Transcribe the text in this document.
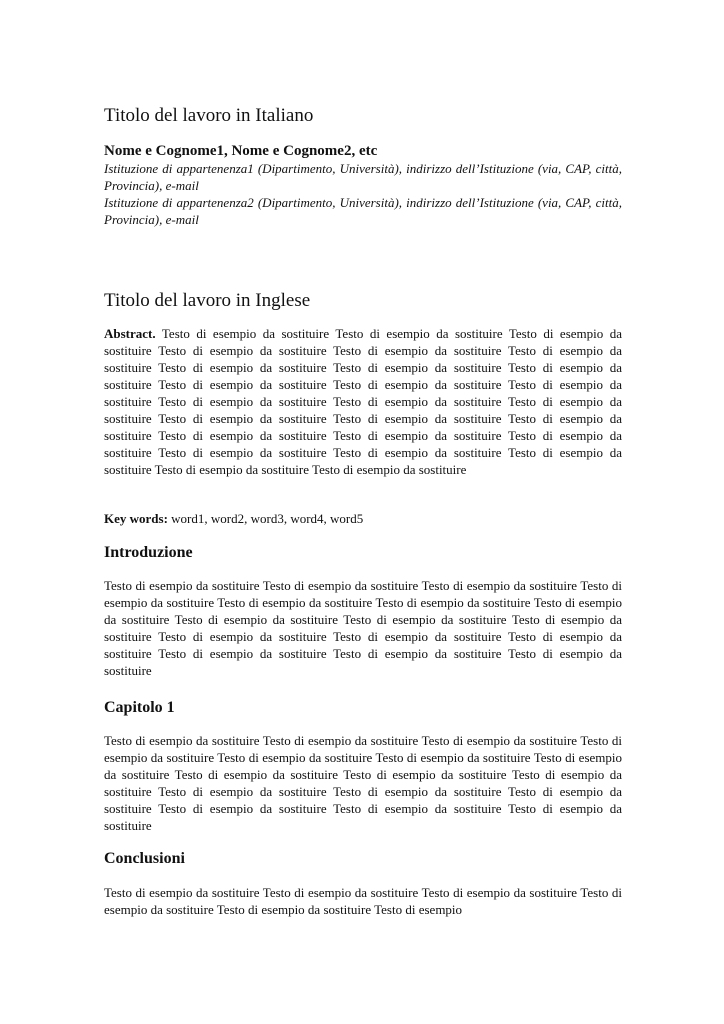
Titolo del lavoro in Italiano
Nome e Cognome1, Nome e Cognome2, etc
Istituzione di appartenenza1 (Dipartimento, Università), indirizzo dell’Istituzione (via, CAP, città, Provincia), e-mail
Istituzione di appartenenza2 (Dipartimento, Università), indirizzo dell’Istituzione (via, CAP, città, Provincia), e-mail
Titolo del lavoro in Inglese

Abstract. Testo di esempio da sostituire Testo di esempio da sostituire Testo di esempio da sostituire Testo di esempio da sostituire Testo di esempio da sostituire Testo di esempio da sostituire Testo di esempio da sostituire Testo di esempio da sostituire Testo di esempio da sostituire Testo di esempio da sostituire Testo di esempio da sostituire Testo di esempio da sostituire Testo di esempio da sostituire Testo di esempio da sostituire Testo di esempio da sostituire Testo di esempio da sostituire Testo di esempio da sostituire Testo di esempio da sostituire Testo di esempio da sostituire Testo di esempio da sostituire Testo di esempio da sostituire Testo di esempio da sostituire Testo di esempio da sostituire Testo di esempio da sostituire Testo di esempio da sostituire Testo di esempio da sostituire

Key words: word1, word2, word3, word4, word5

Introduzione

Testo di esempio da sostituire Testo di esempio da sostituire Testo di esempio da sostituire Testo di esempio da sostituire Testo di esempio da sostituire Testo di esempio da sostituire Testo di esempio da sostituire Testo di esempio da sostituire Testo di esempio da sostituire Testo di esempio da sostituire Testo di esempio da sostituire Testo di esempio da sostituire Testo di esempio da sostituire Testo di esempio da sostituire Testo di esempio da sostituire Testo di esempio da sostituire

Capitolo 1

Testo di esempio da sostituire Testo di esempio da sostituire Testo di esempio da sostituire Testo di esempio da sostituire Testo di esempio da sostituire Testo di esempio da sostituire Testo di esempio da sostituire Testo di esempio da sostituire Testo di esempio da sostituire Testo di esempio da sostituire Testo di esempio da sostituire Testo di esempio da sostituire Testo di esempio da sostituire Testo di esempio da sostituire Testo di esempio da sostituire Testo di esempio da sostituire

Conclusioni

Testo di esempio da sostituire Testo di esempio da sostituire Testo di esempio da sostituire Testo di esempio da sostituire Testo di esempio da sostituire Testo di esempio
